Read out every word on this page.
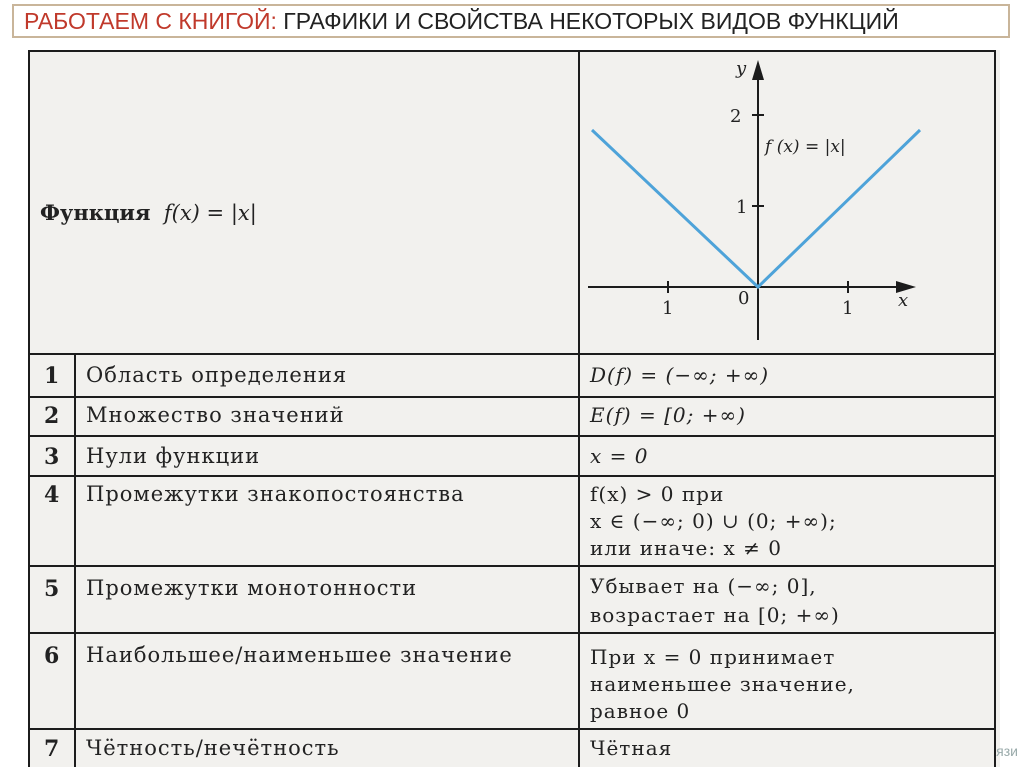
РАБОТАЕМ С КНИГОЙ:
ГРАФИКИ И СВОЙСТВА НЕКОТОРЫХ ВИДОВ ФУНКЦИЙ
Функция f(x) = |x|
y
2
1
1	0	1 x
f (x) = |x|
1 Область определения	D(f) = (−∞; +∞)
2 Множество значений	E(f) = [0; +∞)
3 Нули функции	x = 0
4 Промежутки знакопостоянства	f(x) > 0 при
x ∈ (−∞; 0) ∪ (0; +∞);
или иначе: x ≠ 0
5 Промежутки монотонности	Убывает на (−∞; 0],
возрастает на [0; +∞)
6 Наибольшее/наименьшее значение	При x = 0 принимает
наименьшее значение,
равное 0
7 Чётность/нечётность	Чётная	язи
